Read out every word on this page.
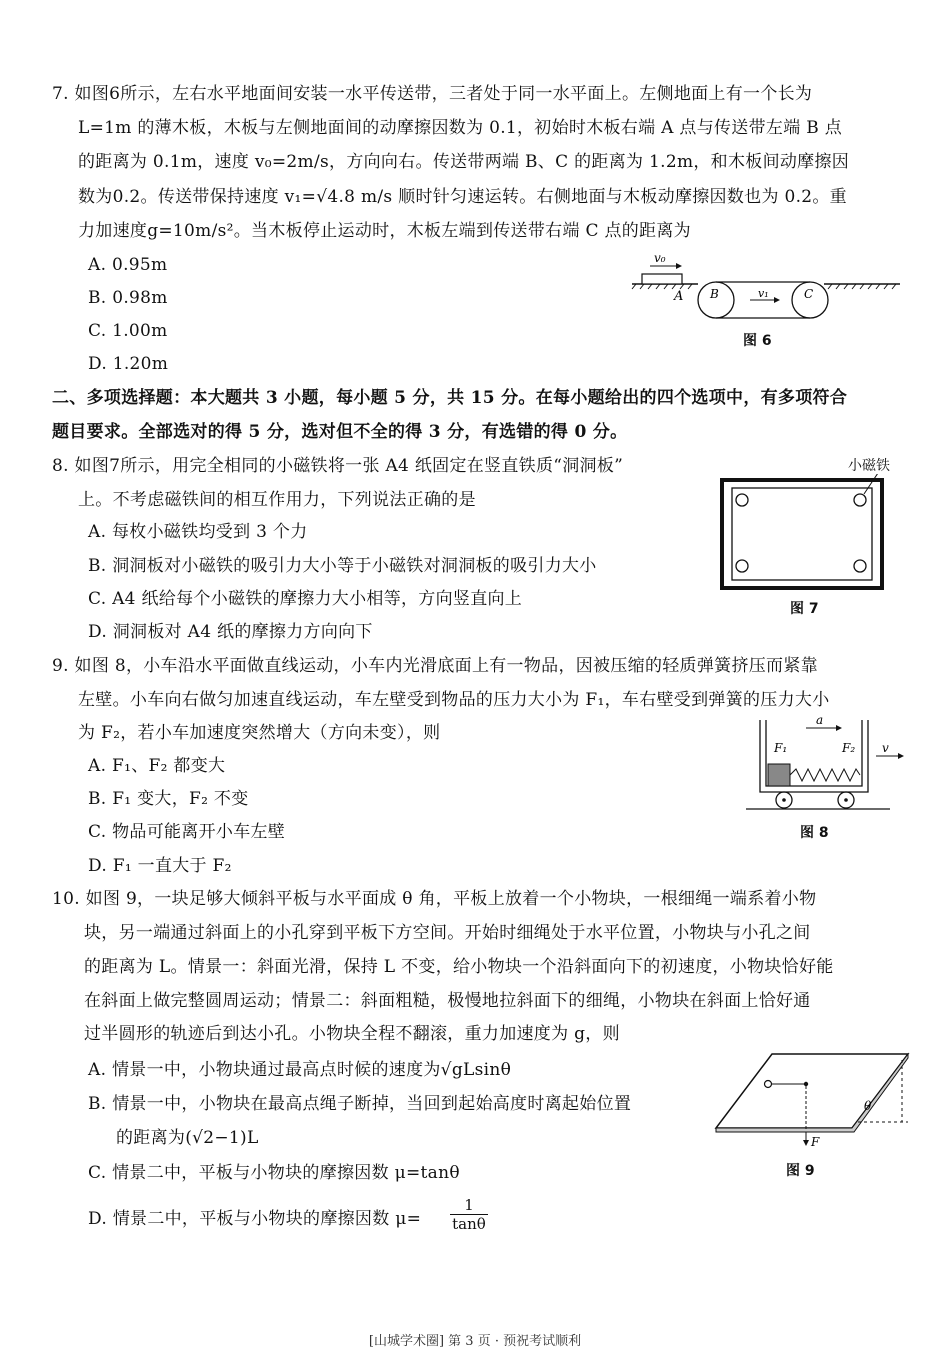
7. 如图6所示，左右水平地面间安装一水平传送带，三者处于同一水平面上。左侧地面上有一个长为
L=1m 的薄木板，木板与左侧地面间的动摩擦因数为 0.1，初始时木板右端 A 点与传送带左端 B 点
的距离为 0.1m，速度 v₀=2m/s，方向向右。传送带两端 B、C 的距离为 1.2m，和木板间动摩擦因
数为0.2。传送带保持速度 v₁=√4.8 m/s 顺时针匀速运转。右侧地面与木板动摩擦因数也为 0.2。重
力加速度g=10m/s²。当木板停止运动时，木板左端到传送带右端 C 点的距离为
A. 0.95m
B. 0.98m
C. 1.00m
D. 1.20m
v₀
A B	C
v₁
图 6
二、多项选择题：本大题共 3 小题，每小题 5 分，共 15 分。在每小题给出的四个选项中，有多项符合
题目要求。全部选对的得 5 分，选对但不全的得 3 分，有选错的得 0 分。
8. 如图7所示，用完全相同的小磁铁将一张 A4 纸固定在竖直铁质“洞洞板”
上。不考虑磁铁间的相互作用力，下列说法正确的是
A. 每枚小磁铁均受到 3 个力
B. 洞洞板对小磁铁的吸引力大小等于小磁铁对洞洞板的吸引力大小
C. A4 纸给每个小磁铁的摩擦力大小相等，方向竖直向上
D. 洞洞板对 A4 纸的摩擦力方向向下
小磁铁
图 7
9. 如图 8，小车沿水平面做直线运动，小车内光滑底面上有一物品，因被压缩的轻质弹簧挤压而紧靠
左壁。小车向右做匀加速直线运动，车左壁受到物品的压力大小为 F₁，车右壁受到弹簧的压力大小
为 F₂，若小车加速度突然增大（方向未变），则
A. F₁、F₂ 都变大
B. F₁ 变大，F₂ 不变
C. 物品可能离开小车左壁
D. F₁ 一直大于 F₂
a
F₁	F₂ v
图 8
10. 如图 9，一块足够大倾斜平板与水平面成 θ 角，平板上放着一个小物块，一根细绳一端系着小物
块，另一端通过斜面上的小孔穿到平板下方空间。开始时细绳处于水平位置，小物块与小孔之间
的距离为 L。情景一：斜面光滑，保持 L 不变，给小物块一个沿斜面向下的初速度，小物块恰好能
在斜面上做完整圆周运动；情景二：斜面粗糙，极慢地拉斜面下的细绳，小物块在斜面上恰好通
过半圆形的轨迹后到达小孔。小物块全程不翻滚，重力加速度为 g，则
A. 情景一中，小物块通过最高点时候的速度为√gLsinθ
B. 情景一中，小物块在最高点绳子断掉，当回到起始高度时离起始位置
的距离为(√2−1)L
C. 情景二中，平板与小物块的摩擦因数 μ=tanθ
D. 情景二中，平板与小物块的摩擦因数 $\mu= \frac{1}{\tan\theta}$
θ
F
图 9
[山城学术圈] 第 3 页 · 预祝考试顺利
